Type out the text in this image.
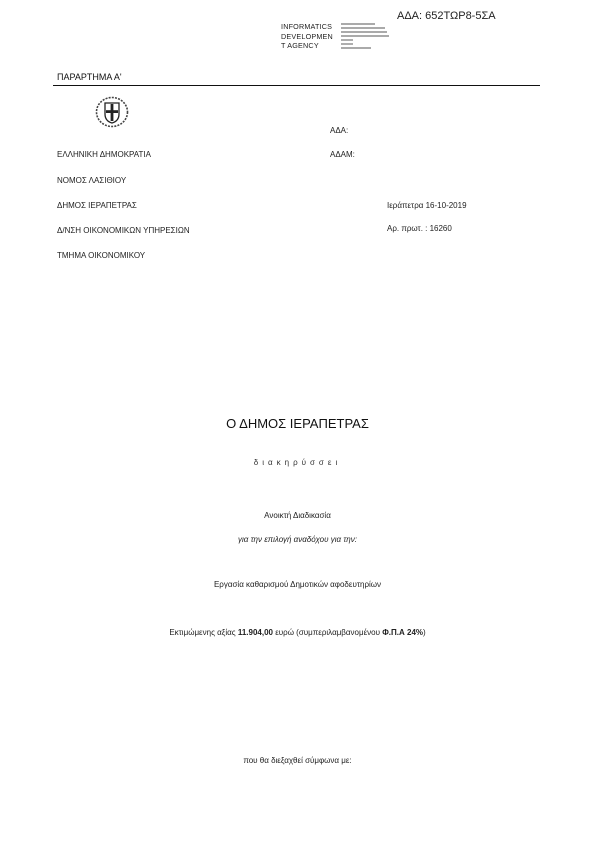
ΑΔΑ: 652ΤΩΡ8-5ΣΑ
INFORMATICS
DEVELOPMEN
T AGENCY
ΠΑΡΑΡΤΗΜΑ Α'
ΕΛΛΗΝΙΚΗ ΔΗΜΟΚΡΑΤΙΑ
ΝΟΜΟΣ ΛΑΣΙΘΙΟΥ
ΔΗΜΟΣ ΙΕΡΑΠΕΤΡΑΣ
Δ/ΝΣΗ ΟΙΚΟΝΟΜΙΚΩΝ ΥΠΗΡΕΣΙΩΝ
ΤΜΗΜΑ ΟΙΚΟΝΟΜΙΚΟΥ
ΑΔΑ:
ΑΔΑΜ:
Ιεράπετρα 16-10-2019
Αρ. πρωτ. : 16260
Ο ΔΗΜΟΣ ΙΕΡΑΠΕΤΡΑΣ
διακηρύσσει
Ανοικτή Διαδικασία
για την επιλογή αναδόχου για την:
Εργασία καθαρισμού Δημοτικών αφοδευτηρίων
Εκτιμώμενης αξίας 11.904,00 ευρώ (συμπεριλαμβανομένου Φ.Π.Α 24%)
που θα διεξαχθεί σύμφωνα με:
